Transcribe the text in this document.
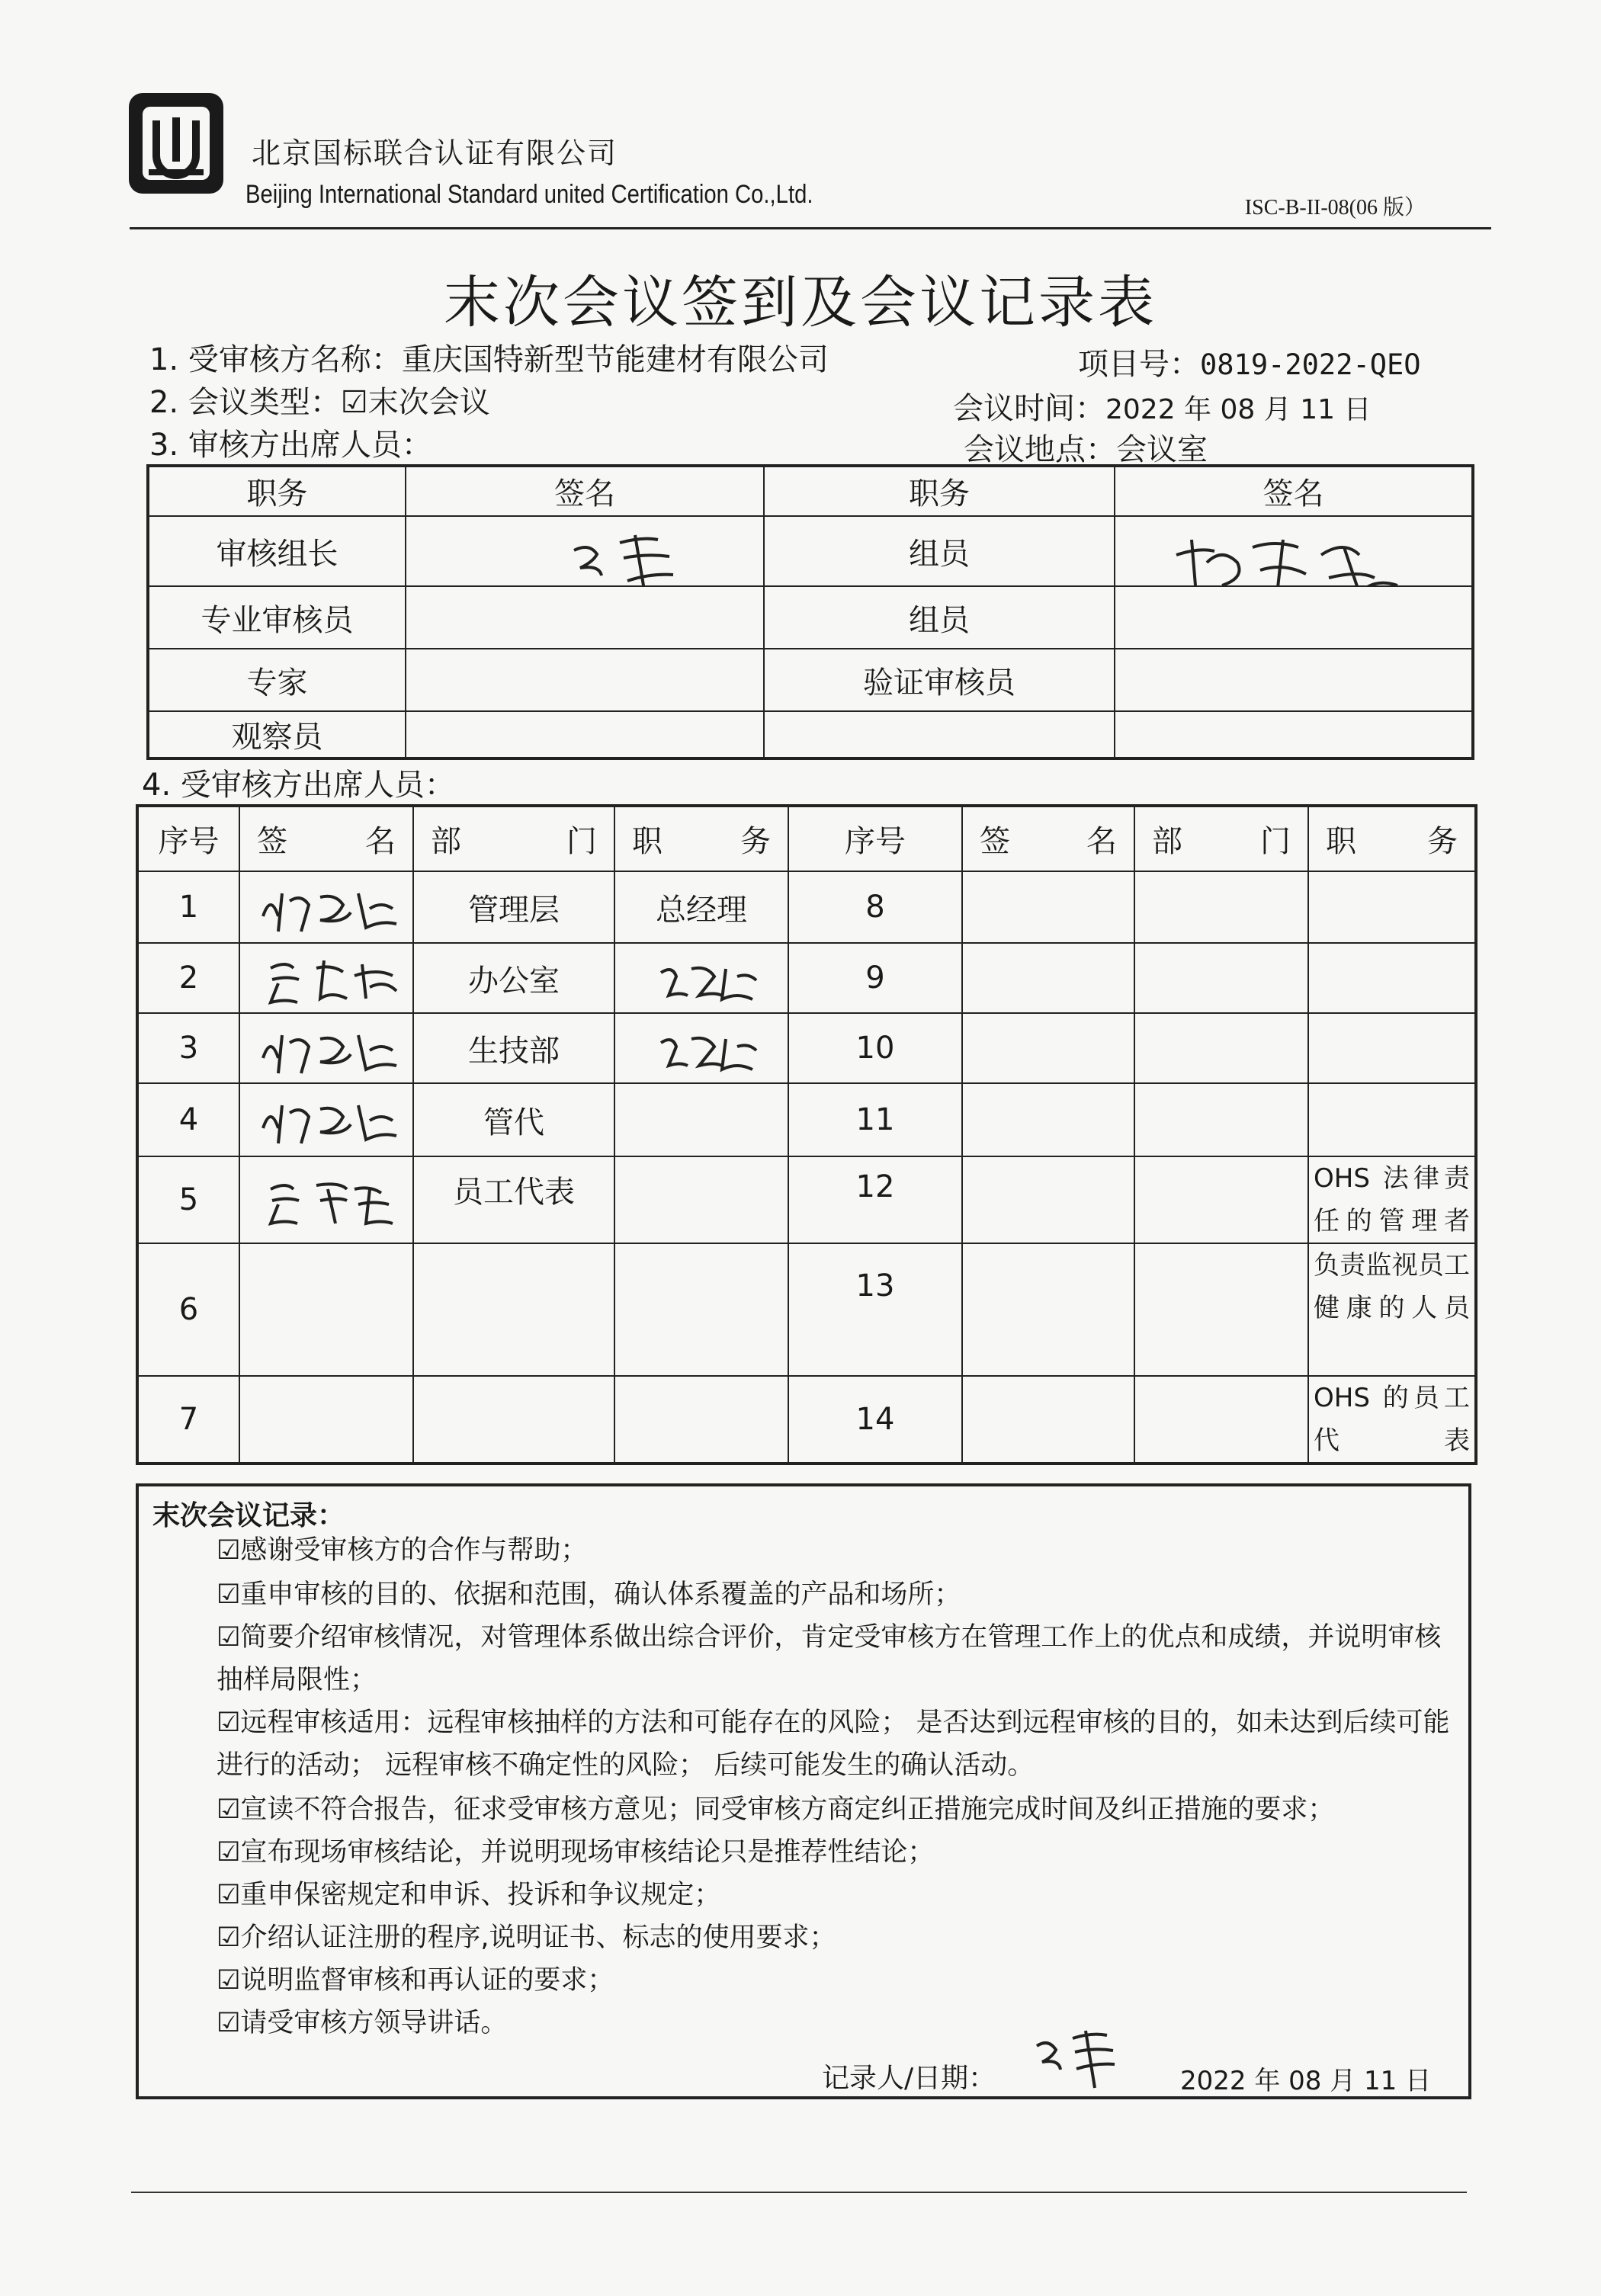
北京国标联合认证有限公司
Beijing International Standard united Certification Co.,Ltd.	ISC-B-II-08(06 版）
末次会议签到及会议记录表
1. 受审核方名称：重庆国特新型节能建材有限公司	项目号：0819-2022-QEO
2. 会议类型：☑末次会议	会议时间：2022 年 08 月 11 日
3. 审核方出席人员：	会议地点：会议室
职务	签名	职务	签名
审核组长		组员	

专业审核员		组员	
专家		验证审核员	
观察员			
4. 受审核方出席人员：
序号	签 名	部 门	职 务	序号	签 名	部 门	职 务

1		管理层	总经理	8			
2		办公室		9			
3		生技部		10			
4		管代		11			
5		员工代表		12			OHS 法律责任的管理者
6				13			负责监视员工健康的人员
7				14			OHS 的员工代表
末次会议记录：
☑感谢受审核方的合作与帮助；
☑重申审核的目的、依据和范围，确认体系覆盖的产品和场所；
☑简要介绍审核情况，对管理体系做出综合评价，肯定受审核方在管理工作上的优点和成绩，并说明审核抽样局限性；
☑远程审核适用：远程审核抽样的方法和可能存在的风险； 是否达到远程审核的目的，如未达到后续可能进行的活动； 远程审核不确定性的风险； 后续可能发生的确认活动。
☑宣读不符合报告，征求受审核方意见；同受审核方商定纠正措施完成时间及纠正措施的要求；
☑宣布现场审核结论，并说明现场审核结论只是推荐性结论；
☑重申保密规定和申诉、投诉和争议规定；
☑介绍认证注册的程序,说明证书、标志的使用要求；
☑说明监督审核和再认证的要求；
☑请受审核方领导讲话。
记录人/日期：	2022 年 08 月 11 日
